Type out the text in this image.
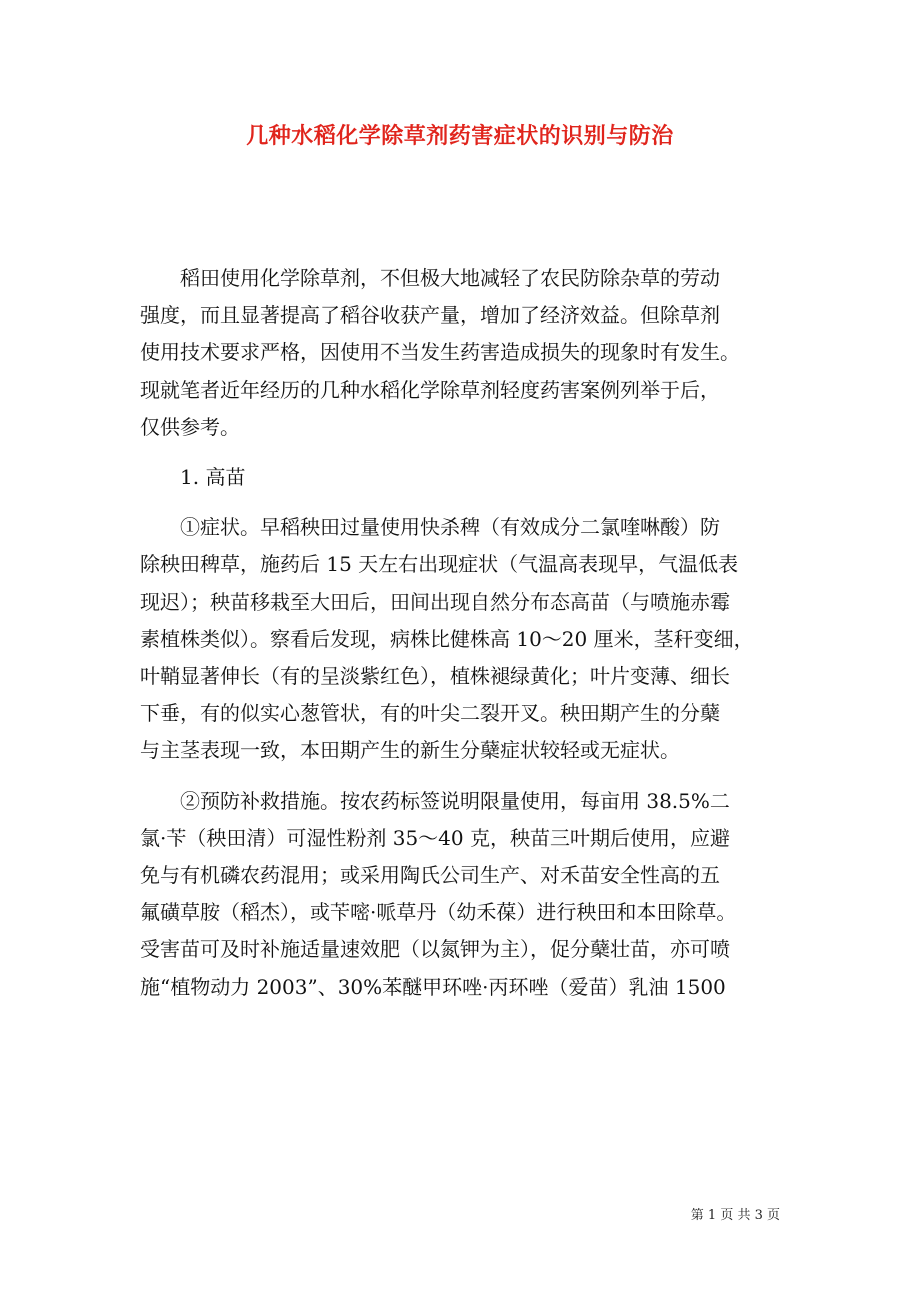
几种水稻化学除草剂药害症状的识别与防治

稻田使用化学除草剂，不但极大地减轻了农民防除杂草的劳动
强度，而且显著提高了稻谷收获产量，增加了经济效益。但除草剂
使用技术要求严格，因使用不当发生药害造成损失的现象时有发生。
现就笔者近年经历的几种水稻化学除草剂轻度药害案例列举于后，
仅供参考。

1. 高苗

①症状。早稻秧田过量使用快杀稗（有效成分二氯喹啉酸）防
除秧田稗草，施药后 15 天左右出现症状（气温高表现早，气温低表
现迟）；秧苗移栽至大田后，田间出现自然分布态高苗（与喷施赤霉
素植株类似）。察看后发现，病株比健株高 10～20 厘米，茎秆变细，
叶鞘显著伸长（有的呈淡紫红色），植株褪绿黄化；叶片变薄、细长
下垂，有的似实心葱管状，有的叶尖二裂开叉。秧田期产生的分蘖
与主茎表现一致，本田期产生的新生分蘖症状较轻或无症状。

②预防补救措施。按农药标签说明限量使用，每亩用 38.5%二
氯·苄（秧田清）可湿性粉剂 35～40 克，秧苗三叶期后使用，应避
免与有机磷农药混用；或采用陶氏公司生产、对禾苗安全性高的五
氟磺草胺（稻杰），或苄嘧·哌草丹（幼禾葆）进行秧田和本田除草。
受害苗可及时补施适量速效肥（以氮钾为主），促分蘖壮苗，亦可喷
施“植物动力 2003”、30%苯醚甲环唑·丙环唑（爱苗）乳油 1500

第 1 页 共 3 页
